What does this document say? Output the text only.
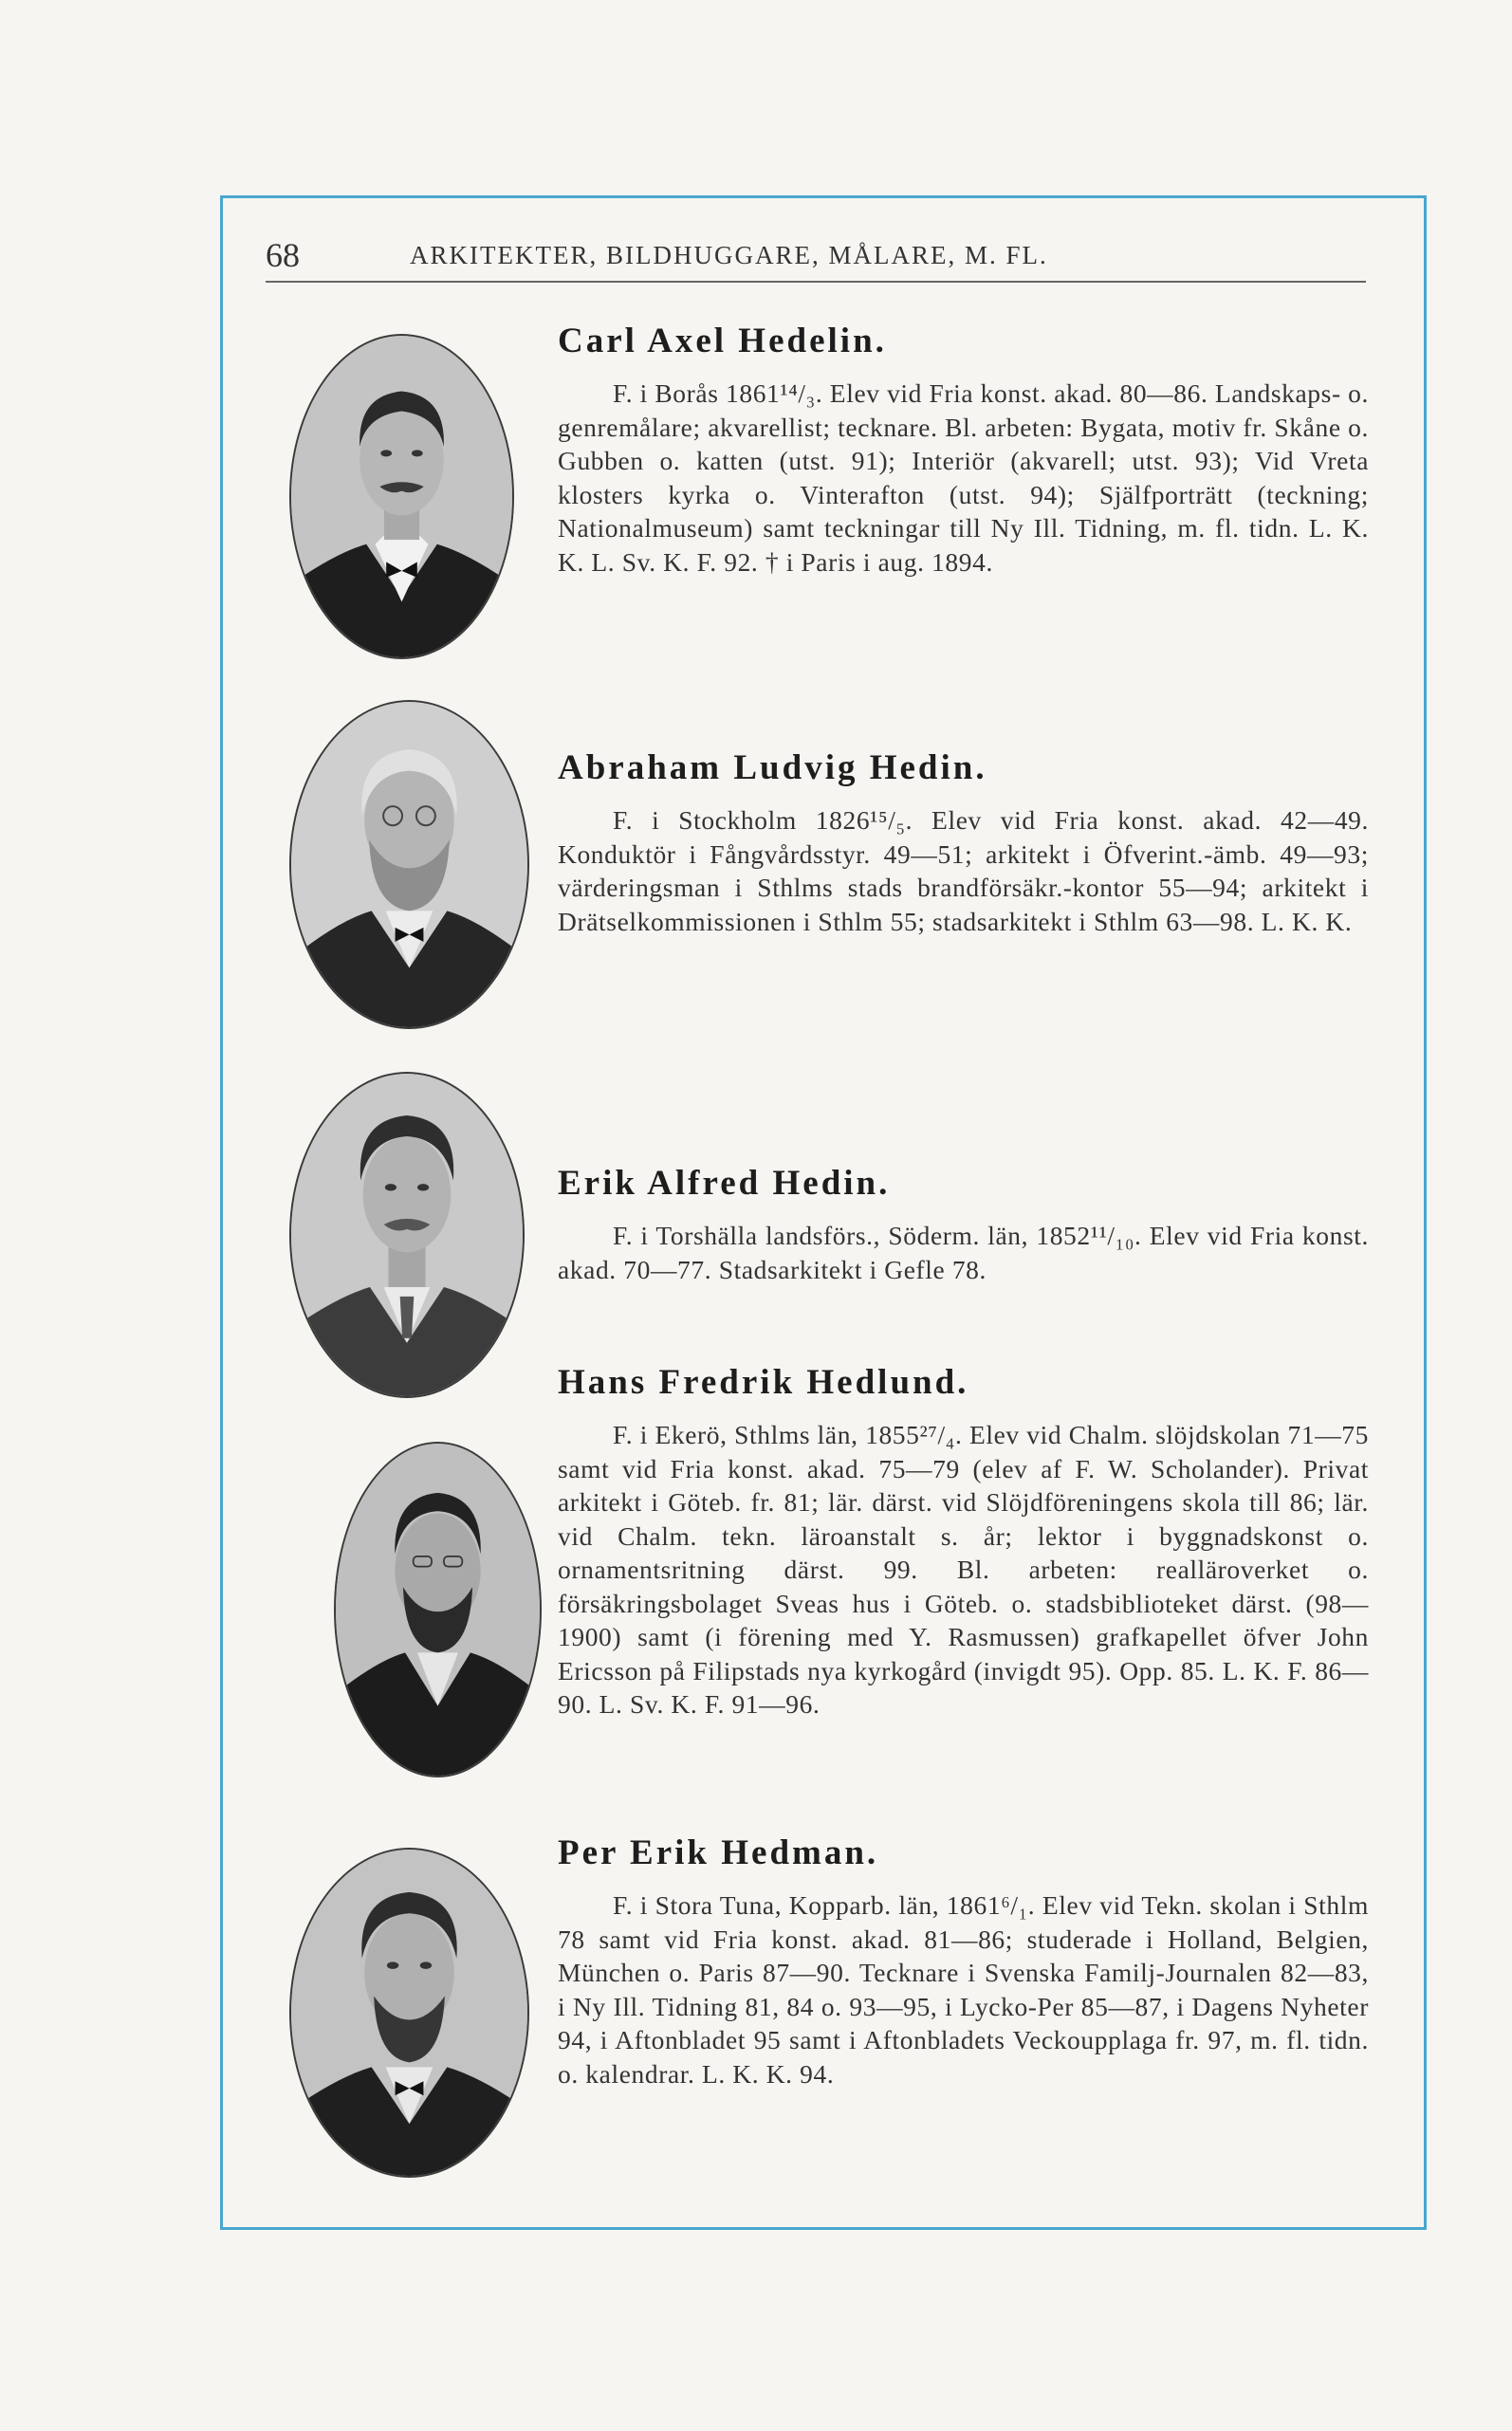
68	ARKITEKTER, BILDHUGGARE, MÅLARE, M. FL.
Carl Axel Hedelin.

F. i Borås 1861¹⁴/₃. Elev vid Fria konst. akad. 80—86. Landskaps- o. genremålare; akvarellist; tecknare. Bl. arbeten: Bygata, motiv fr. Skåne o. Gubben o. katten (utst. 91); Interiör (akvarell; utst. 93); Vid Vreta klosters kyrka o. Vinterafton (utst. 94); Själfporträtt (teckning; Nationalmuseum) samt teckningar till Ny Ill. Tidning, m. fl. tidn. L. K. K. L. Sv. K. F. 92. † i Paris i aug. 1894.

Abraham Ludvig Hedin.

F. i Stockholm 1826¹⁵/₅. Elev vid Fria konst. akad. 42—49. Konduktör i Fångvårdsstyr. 49—51; arkitekt i Öfverint.-ämb. 49—93; värderingsman i Sthlms stads brandförsäkr.-kontor 55—94; arkitekt i Drätselkommissionen i Sthlm 55; stadsarkitekt i Sthlm 63—98. L. K. K.

Erik Alfred Hedin.

F. i Torshälla landsförs., Söderm. län, 1852¹¹/₁₀. Elev vid Fria konst. akad. 70—77. Stadsarkitekt i Gefle 78.

Hans Fredrik Hedlund.

F. i Ekerö, Sthlms län, 1855²⁷/₄. Elev vid Chalm. slöjdskolan 71—75 samt vid Fria konst. akad. 75—79 (elev af F. W. Scholander). Privat arkitekt i Göteb. fr. 81; lär. därst. vid Slöjdföreningens skola till 86; lär. vid Chalm. tekn. läroanstalt s. år; lektor i byggnadskonst o. ornamentsritning därst. 99. Bl. arbeten: realläroverket o. försäkringsbolaget Sveas hus i Göteb. o. stadsbiblioteket därst. (98—1900) samt (i förening med Y. Rasmussen) grafkapellet öfver John Ericsson på Filipstads nya kyrkogård (invigdt 95). Opp. 85. L. K. F. 86—90. L. Sv. K. F. 91—96.

Per Erik Hedman.

F. i Stora Tuna, Kopparb. län, 1861⁶/₁. Elev vid Tekn. skolan i Sthlm 78 samt vid Fria konst. akad. 81—86; studerade i Holland, Belgien, München o. Paris 87—90. Tecknare i Svenska Familj-Journalen 82—83, i Ny Ill. Tidning 81, 84 o. 93—95, i Lycko-Per 85—87, i Dagens Nyheter 94, i Aftonbladet 95 samt i Aftonbladets Veckoupplaga fr. 97, m. fl. tidn. o. kalendrar. L. K. K. 94.
